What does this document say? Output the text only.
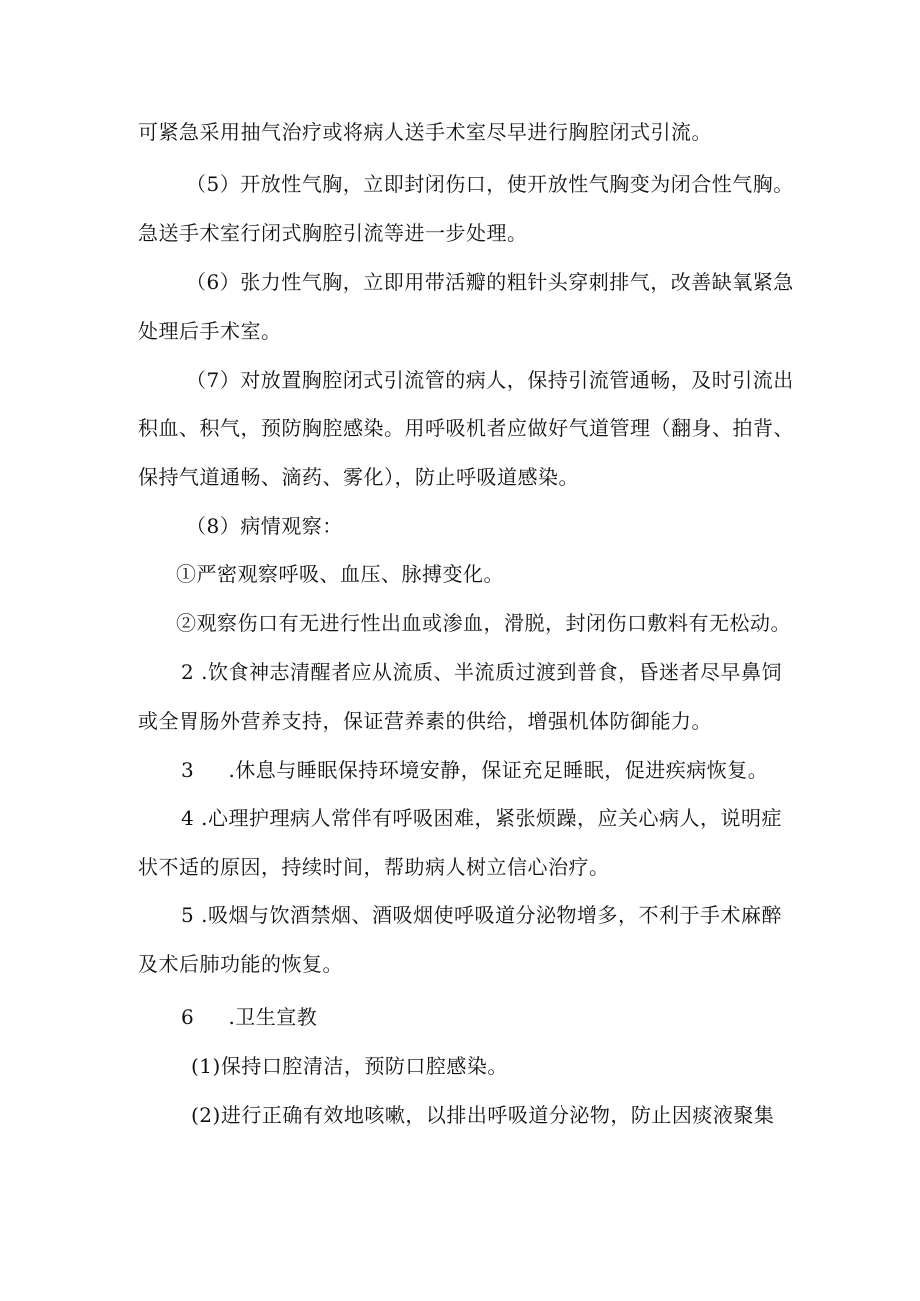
可紧急采用抽气治疗或将病人送手术室尽早进行胸腔闭式引流。
（5）开放性气胸，立即封闭伤口，使开放性气胸变为闭合性气胸。
急送手术室行闭式胸腔引流等进一步处理。
（6）张力性气胸，立即用带活瓣的粗针头穿刺排气，改善缺氧紧急
处理后手术室。
（7）对放置胸腔闭式引流管的病人，保持引流管通畅，及时引流出
积血、积气，预防胸腔感染。用呼吸机者应做好气道管理（翻身、拍背、
保持气道通畅、滴药、雾化），防止呼吸道感染。
（8）病情观察：
①严密观察呼吸、血压、脉搏变化。
②观察伤口有无进行性出血或渗血，滑脱，封闭伤口敷料有无松动。
2 .饮食神志清醒者应从流质、半流质过渡到普食，昏迷者尽早鼻饲
或全胃肠外营养支持，保证营养素的供给，增强机体防御能力。
3 　 .休息与睡眠保持环境安静，保证充足睡眠，促进疾病恢复。
4 .心理护理病人常伴有呼吸困难，紧张烦躁，应关心病人，说明症
状不适的原因，持续时间，帮助病人树立信心治疗。
5 .吸烟与饮酒禁烟、酒吸烟使呼吸道分泌物增多，不利于手术麻醉
及术后肺功能的恢复。
6 　 .卫生宣教
(1)保持口腔清洁，预防口腔感染。
(2)进行正确有效地咳嗽，以排出呼吸道分泌物，防止因痰液聚集
